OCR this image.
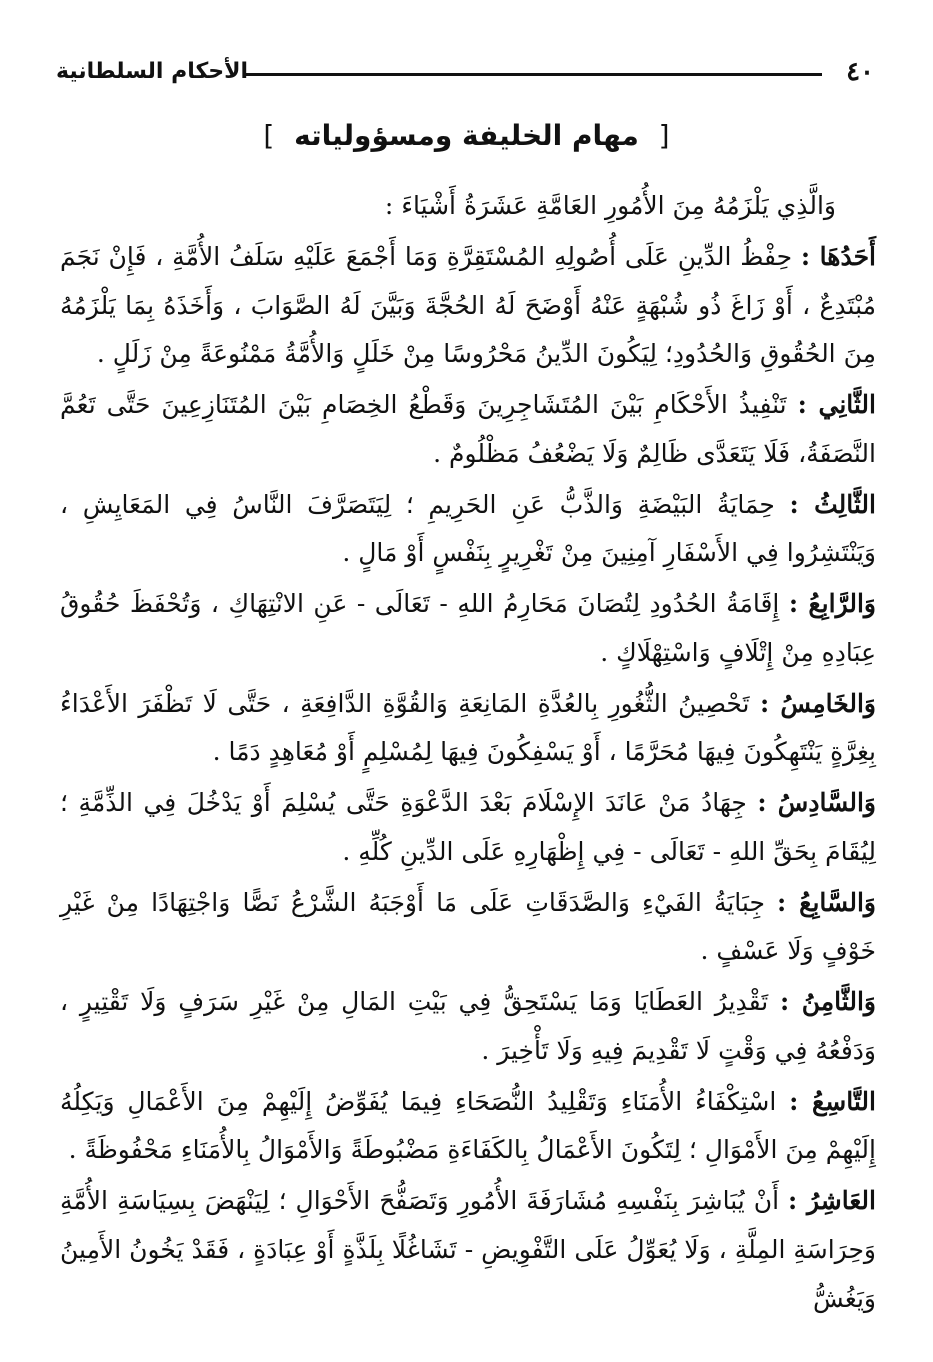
٤٠
الأحكام السلطانية
[ مهام الخليفة ومسؤولياته ]

وَالَّذِي يَلْزَمُهُ مِنَ الأُمُورِ العَامَّةِ عَشَرَةُ أَشْيَاءَ :

أَحَدُهَا : حِفْظُ الدِّينِ عَلَى أُصُولِهِ المُسْتَقِرَّةِ وَمَا أَجْمَعَ عَلَيْهِ سَلَفُ الأُمَّةِ ، فَإِنْ نَجَمَ مُبْتَدِعٌ ، أَوْ زَاغَ ذُو شُبْهَةٍ عَنْهُ أَوْضَحَ لَهُ الحُجَّةَ وَبَيَّنَ لَهُ الصَّوَابَ ، وَأَخَذَهُ بِمَا يَلْزَمُهُ مِنَ الحُقُوقِ وَالحُدُودِ؛ لِيَكُونَ الدِّينُ مَحْرُوسًا مِنْ خَلَلٍ وَالأُمَّةُ مَمْنُوعَةً مِنْ زَلَلٍ .

الثَّانِي : تَنْفِيذُ الأَحْكَامِ بَيْنَ المُتَشَاجِرِينَ وَقَطْعُ الخِصَامِ بَيْنَ المُتَنَازِعِينَ حَتَّى تَعُمَّ النَّصَفَةُ، فَلَا يَتَعَدَّى ظَالِمٌ وَلَا يَضْعُفُ مَظْلُومٌ .

الثَّالِثُ : حِمَايَةُ البَيْضَةِ وَالذَّبُّ عَنِ الحَرِيمِ ؛ لِيَتَصَرَّفَ النَّاسُ فِي المَعَايِشِ ، وَيَنْتَشِرُوا فِي الأَسْفَارِ آمِنِينَ مِنْ تَغْرِيرٍ بِنَفْسٍ أَوْ مَالٍ .

وَالرَّابِعُ : إِقَامَةُ الحُدُودِ لِتُصَانَ مَحَارِمُ اللهِ - تَعَالَى - عَنِ الانْتِهَاكِ ، وَتُحْفَظَ حُقُوقُ عِبَادِهِ مِنْ إِتْلَافٍ وَاسْتِهْلَاكٍ .

وَالخَامِسُ : تَحْصِينُ الثُّغُورِ بِالعُدَّةِ المَانِعَةِ وَالقُوَّةِ الدَّافِعَةِ ، حَتَّى لَا تَظْفَرَ الأَعْدَاءُ بِغِرَّةٍ يَنْتَهِكُونَ فِيهَا مُحَرَّمًا ، أَوْ يَسْفِكُونَ فِيهَا لِمُسْلِمٍ أَوْ مُعَاهِدٍ دَمًا .

وَالسَّادِسُ : جِهَادُ مَنْ عَانَدَ الإِسْلَامَ بَعْدَ الدَّعْوَةِ حَتَّى يُسْلِمَ أَوْ يَدْخُلَ فِي الذِّمَّةِ ؛ لِيُقَامَ بِحَقِّ اللهِ - تَعَالَى - فِي إِظْهَارِهِ عَلَى الدِّينِ كُلِّهِ .

وَالسَّابِعُ : جِبَايَةُ الفَيْءِ وَالصَّدَقَاتِ عَلَى مَا أَوْجَبَهُ الشَّرْعُ نَصًّا وَاجْتِهَادًا مِنْ غَيْرِ خَوْفٍ وَلَا عَسْفٍ .

وَالثَّامِنُ : تَقْدِيرُ العَطَايَا وَمَا يَسْتَحِقُّ فِي بَيْتِ المَالِ مِنْ غَيْرِ سَرَفٍ وَلَا تَقْتِيرٍ ، وَدَفْعُهُ فِي وَقْتٍ لَا تَقْدِيمَ فِيهِ وَلَا تَأْخِيرَ .

التَّاسِعُ : اسْتِكْفَاءُ الأُمَنَاءِ وَتَقْلِيدُ النُّصَحَاءِ فِيمَا يُفَوِّضُ إِلَيْهِمْ مِنَ الأَعْمَالِ وَيَكِلُهُ إِلَيْهِمْ مِنَ الأَمْوَالِ ؛ لِتَكُونَ الأَعْمَالُ بِالكَفَاءَةِ مَضْبُوطَةً وَالأَمْوَالُ بِالأُمَنَاءِ مَحْفُوظَةً .

العَاشِرُ : أَنْ يُبَاشِرَ بِنَفْسِهِ مُشَارَفَةَ الأُمُورِ وَتَصَفُّحَ الأَحْوَالِ ؛ لِيَنْهَضَ بِسِيَاسَةِ الأُمَّةِ وَحِرَاسَةِ المِلَّةِ ، وَلَا يُعَوِّلُ عَلَى التَّفْوِيضِ - تَشَاغُلًا بِلَذَّةٍ أَوْ عِبَادَةٍ ، فَقَدْ يَخُونُ الأَمِينُ وَيَغُشُّ
